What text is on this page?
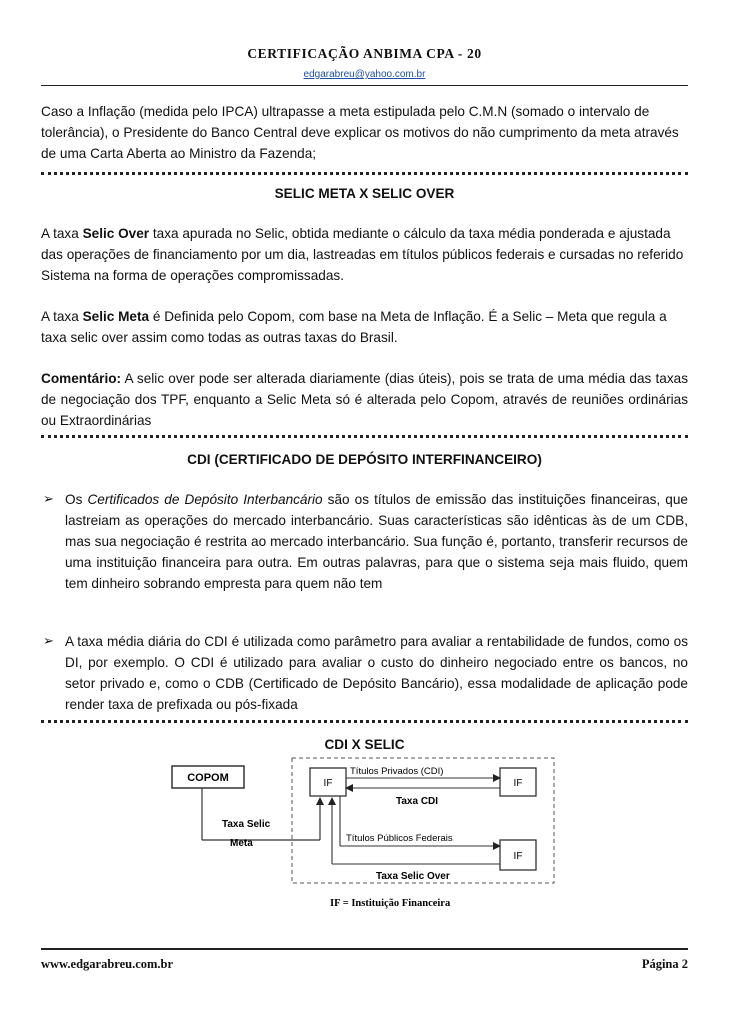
CERTIFICAÇÃO ANBIMA CPA - 20
edgarabreu@yahoo.com.br

Caso a Inflação (medida pelo IPCA) ultrapasse a meta estipulada pelo C.M.N (somado o intervalo de tolerância), o Presidente do Banco Central deve explicar os motivos do não cumprimento da meta através de uma Carta Aberta ao Ministro da Fazenda;

SELIC META X SELIC OVER

A taxa Selic Over taxa apurada no Selic, obtida mediante o cálculo da taxa média ponderada e ajustada das operações de financiamento por um dia, lastreadas em títulos públicos federais e cursadas no referido Sistema na forma de operações compromissadas.

A taxa Selic Meta é Definida pelo Copom, com base na Meta de Inflação. É a Selic – Meta que regula a taxa selic over assim como todas as outras taxas do Brasil.

Comentário: A selic over pode ser alterada diariamente (dias úteis), pois se trata de uma média das taxas de negociação dos TPF, enquanto a Selic Meta só é alterada pelo Copom, através de reuniões ordinárias ou Extraordinárias

CDI (CERTIFICADO DE DEPÓSITO INTERFINANCEIRO)
➢ Os Certificados de Depósito Interbancário são os títulos de emissão das instituições financeiras, que lastreiam as operações do mercado interbancário. Suas características são idênticas às de um CDB, mas sua negociação é restrita ao mercado interbancário. Sua função é, portanto, transferir recursos de uma instituição financeira para outra. Em outras palavras, para que o sistema seja mais fluido, quem tem dinheiro sobrando empresta para quem não tem

➢ A taxa média diária do CDI é utilizada como parâmetro para avaliar a rentabilidade de fundos, como os DI, por exemplo. O CDI é utilizado para avaliar o custo do dinheiro negociado entre os bancos, no setor privado e, como o CDB (Certificado de Depósito Bancário), essa modalidade de aplicação pode render taxa de prefixada ou pós-fixada

CDI X SELIC
COPOM
Taxa Selic
Meta
IF	IF
IF
Títulos Privados (CDI)
Taxa CDI
Títulos Públicos Federais
Taxa Selic Over
IF = Instituição Financeira
www.edgarabreu.com.br	Página 2
